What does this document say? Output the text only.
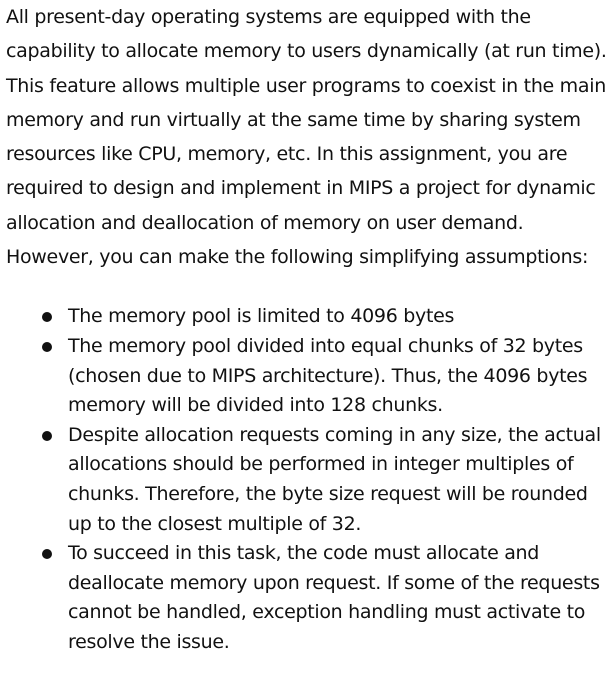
All present-day operating systems are equipped with the capability to allocate memory to users dynamically (at run time). This feature allows multiple user programs to coexist in the main memory and run virtually at the same time by sharing system resources like CPU, memory, etc. In this assignment, you are required to design and implement in MIPS a project for dynamic allocation and deallocation of memory on user demand. However, you can make the following simplifying assumptions:

The memory pool is limited to 4096 bytes
The memory pool divided into equal chunks of 32 bytes (chosen due to MIPS architecture). Thus, the 4096 bytes memory will be divided into 128 chunks.
Despite allocation requests coming in any size, the actual allocations should be performed in integer multiples of chunks. Therefore, the byte size request will be rounded up to the closest multiple of 32.
To succeed in this task, the code must allocate and deallocate memory upon request. If some of the requests cannot be handled, exception handling must activate to resolve the issue.
